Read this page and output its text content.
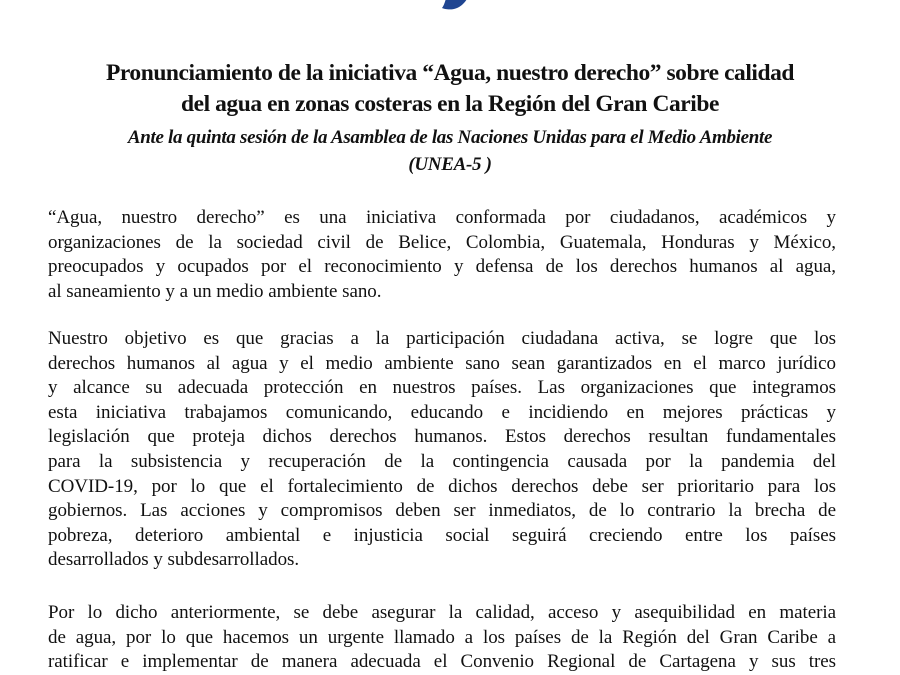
Pronunciamiento de la iniciativa “Agua, nuestro derecho” sobre calidad
del agua en zonas costeras en la Región del Gran Caribe
Ante la quinta sesión de la Asamblea de las Naciones Unidas para el Medio Ambiente
(UNEA-5 )
“Agua, nuestro derecho” es una iniciativa conformada por ciudadanos, académicos y
organizaciones de la sociedad civil de Belice, Colombia, Guatemala, Honduras y México,
preocupados y ocupados por el reconocimiento y defensa de los derechos humanos al agua,
al saneamiento y a un medio ambiente sano.
Nuestro objetivo es que gracias a la participación ciudadana activa, se logre que los
derechos humanos al agua y el medio ambiente sano sean garantizados en el marco jurídico
y alcance su adecuada protección en nuestros países. Las organizaciones que integramos
esta iniciativa trabajamos comunicando, educando e incidiendo en mejores prácticas y
legislación que proteja dichos derechos humanos. Estos derechos resultan fundamentales
para la subsistencia y recuperación de la contingencia causada por la pandemia del
COVID-19, por lo que el fortalecimiento de dichos derechos debe ser prioritario para los
gobiernos. Las acciones y compromisos deben ser inmediatos, de lo contrario la brecha de
pobreza, deterioro ambiental e injusticia social seguirá creciendo entre los países
desarrollados y subdesarrollados.
Por lo dicho anteriormente, se debe asegurar la calidad, acceso y asequibilidad en materia
de agua, por lo que hacemos un urgente llamado a los países de la Región del Gran Caribe a
ratificar e implementar de manera adecuada el Convenio Regional de Cartagena y sus tres
